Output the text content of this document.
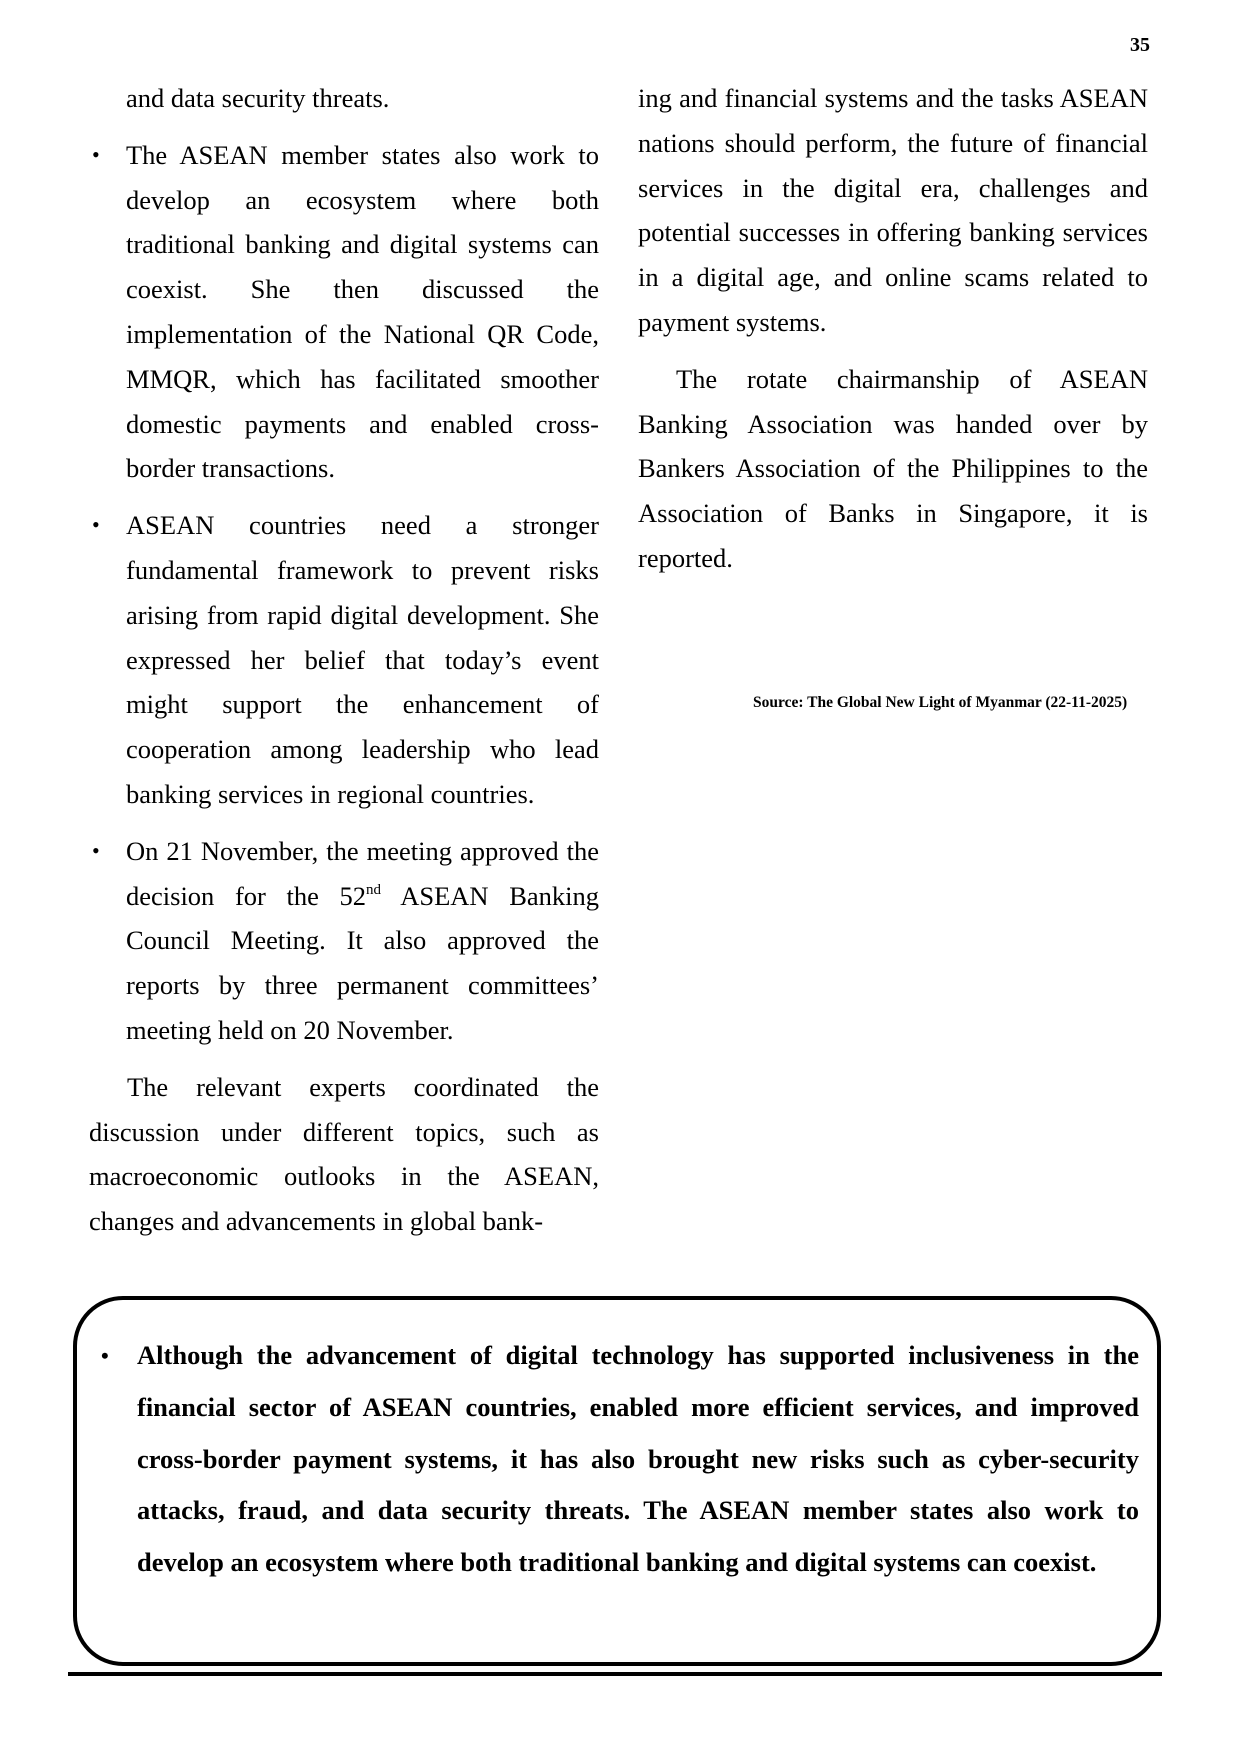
35

and data security threats.

• The ASEAN member states also work to develop an ecosystem where both traditional banking and digital systems can coexist. She then discussed the implementation of the National QR Code, MMQR, which has facilitated smoother domestic payments and enabled cross-border transactions.
• ASEAN countries need a stronger fundamental framework to prevent risks arising from rapid digital development. She expressed her belief that today’s event might support the enhancement of cooperation among leadership who lead banking services in regional countries.
• On 21 November, the meeting approved the decision for the 52nd ASEAN Banking Council Meeting. It also approved the reports by three permanent committees’ meeting held on 20 November.

The relevant experts coordinated the discussion under different topics, such as macroeconomic outlooks in the ASEAN, changes and advancements in global bank-

ing and financial systems and the tasks ASEAN nations should perform, the future of financial services in the digital era, challenges and potential successes in offering banking services in a digital age, and online scams related to payment systems.

The rotate chairmanship of ASEAN Banking Association was handed over by Bankers Association of the Philippines to the Association of Banks in Singapore, it is reported.

Source: The Global New Light of Myanmar (22-11-2025)
• Although the advancement of digital technology has supported inclusiveness in the financial sector of ASEAN countries, enabled more efficient services, and improved cross-border payment systems, it has also brought new risks such as cyber-security attacks, fraud, and data security threats. The ASEAN member states also work to develop an ecosystem where both traditional banking and digital systems can coexist.
